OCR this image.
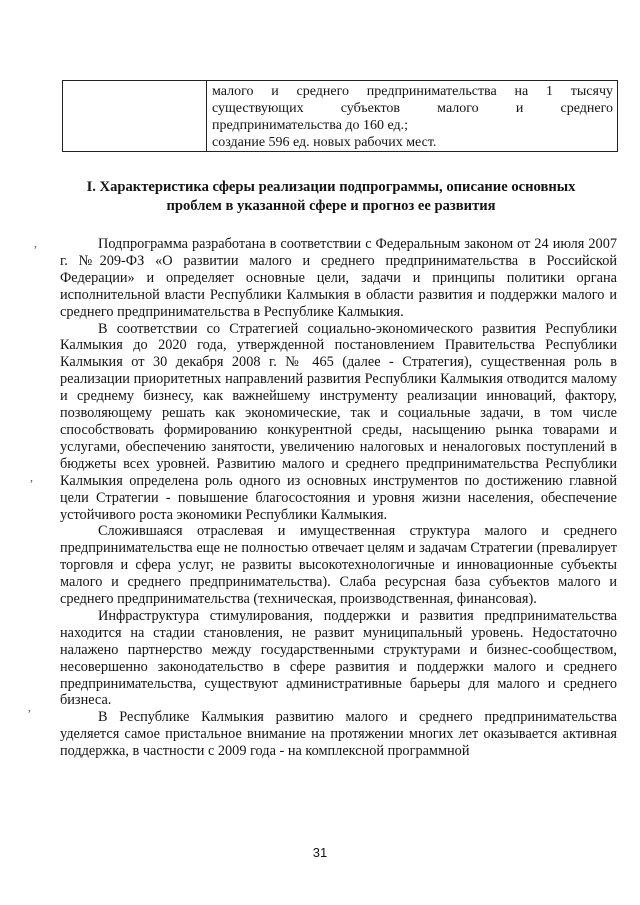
малого и среднего предпринимательства на 1 тысячу

существующих субъектов малого и среднего

предпринимательства до 160 ед.;

создание 596 ед. новых рабочих мест.

I. Характеристика сферы реализации подпрограммы, описание основных
проблем в указанной сфере и прогноз ее развития

Подпрограмма разработана в соответствии с Федеральным законом от 24 июля 2007 г. №209-ФЗ «О развитии малого и среднего предпринимательства в Российской Федерации» и определяет основные цели, задачи и принципы политики органа исполнительной власти Республики Калмыкия в области развития и поддержки малого и среднего предпринимательства в Республике Калмыкия.

В соответствии со Стратегией социально-экономического развития Республики Калмыкия до 2020 года, утвержденной постановлением Правительства Республики Калмыкия от 30 декабря 2008 г. № 465 (далее - Стратегия), существенная роль в реализации приоритетных направлений развития Республики Калмыкия отводится малому и среднему бизнесу, как важнейшему инструменту реализации инноваций, фактору, позволяющему решать как экономические, так и социальные задачи, в том числе способствовать формированию конкурентной среды, насыщению рынка товарами и услугами, обеспечению занятости, увеличению налоговых и неналоговых поступлений в бюджеты всех уровней. Развитию малого и среднего предпринимательства Республики Калмыкия определена роль одного из основных инструментов по достижению главной цели Стратегии - повышение благосостояния и уровня жизни населения, обеспечение устойчивого роста экономики Республики Калмыкия.

Сложившаяся отраслевая и имущественная структура малого и среднего предпринимательства еще не полностью отвечает целям и задачам Стратегии (превалирует торговля и сфера услуг, не развиты высокотехнологичные и инновационные субъекты малого и среднего предпринимательства). Слаба ресурсная база субъектов малого и среднего предпринимательства (техническая, производственная, финансовая).

Инфраструктура стимулирования, поддержки и развития предпринимательства находится на стадии становления, не развит муниципальный уровень. Недостаточно налажено партнерство между государственными структурами и бизнес-сообществом, несовершенно законодательство в сфере развития и поддержки малого и среднего предпринимательства, существуют административные барьеры для малого и среднего бизнеса.

В Республике Калмыкия развитию малого и среднего предпринимательства уделяется самое пристальное внимание на протяжении многих лет оказывается активная поддержка, в частности с 2009 года - на комплексной программной

,
,
,
31
